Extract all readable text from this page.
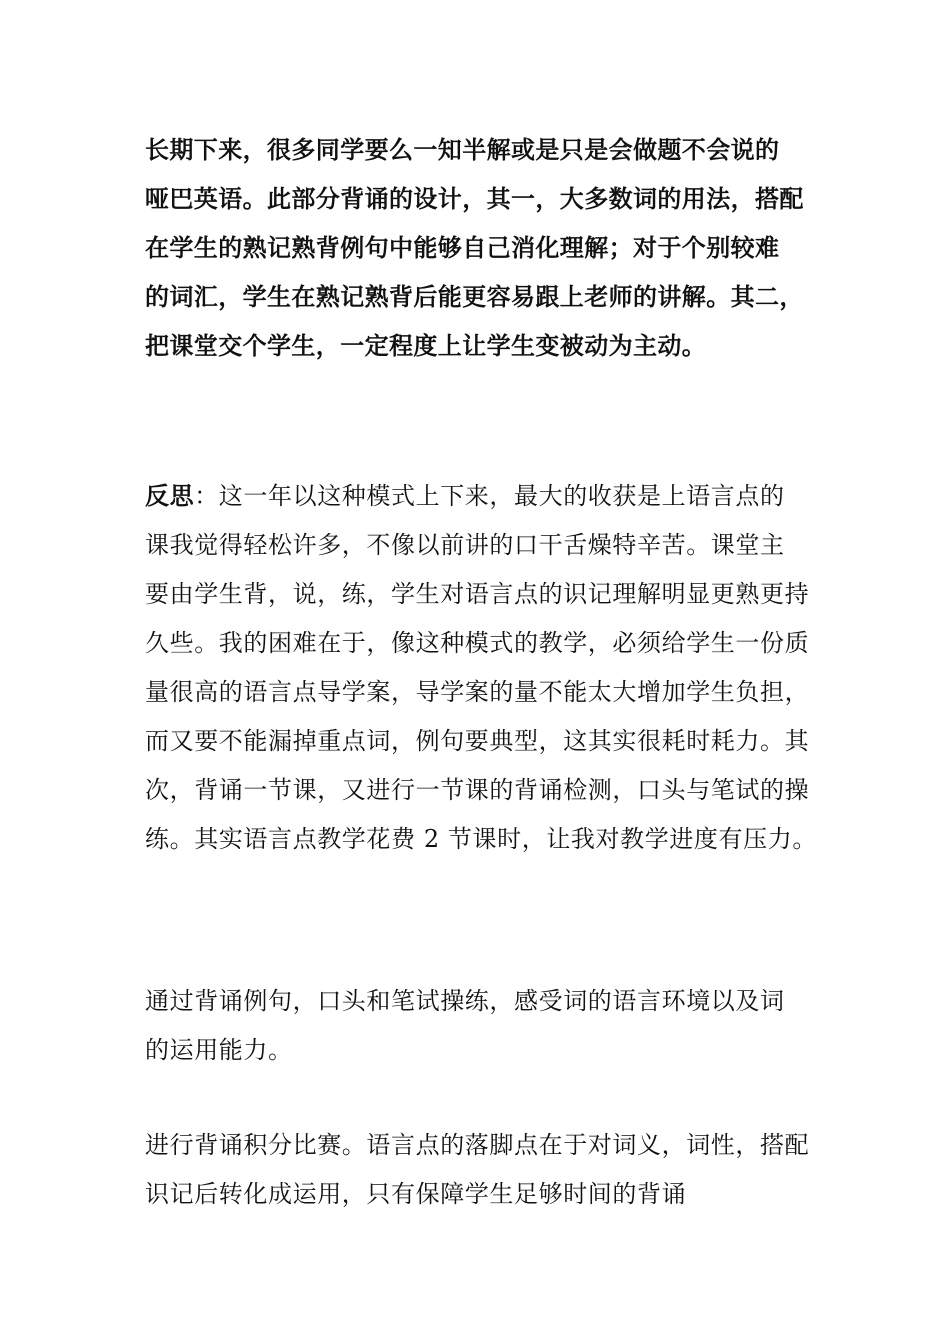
长期下来，很多同学要么一知半解或是只是会做题不会说的
哑巴英语。此部分背诵的设计，其一，大多数词的用法，搭配
在学生的熟记熟背例句中能够自己消化理解；对于个别较难
的词汇，学生在熟记熟背后能更容易跟上老师的讲解。其二，
把课堂交个学生，一定程度上让学生变被动为主动。

反思：这一年以这种模式上下来，最大的收获是上语言点的
课我觉得轻松许多，不像以前讲的口干舌燥特辛苦。课堂主
要由学生背，说，练，学生对语言点的识记理解明显更熟更持
久些。我的困难在于，像这种模式的教学，必须给学生一份质
量很高的语言点导学案，导学案的量不能太大增加学生负担，
而又要不能漏掉重点词，例句要典型，这其实很耗时耗力。其
次，背诵一节课，又进行一节课的背诵检测，口头与笔试的操
练。其实语言点教学花费 2 节课时，让我对教学进度有压力。

通过背诵例句，口头和笔试操练，感受词的语言环境以及词
的运用能力。

进行背诵积分比赛。语言点的落脚点在于对词义，词性，搭配
识记后转化成运用，只有保障学生足够时间的背诵
